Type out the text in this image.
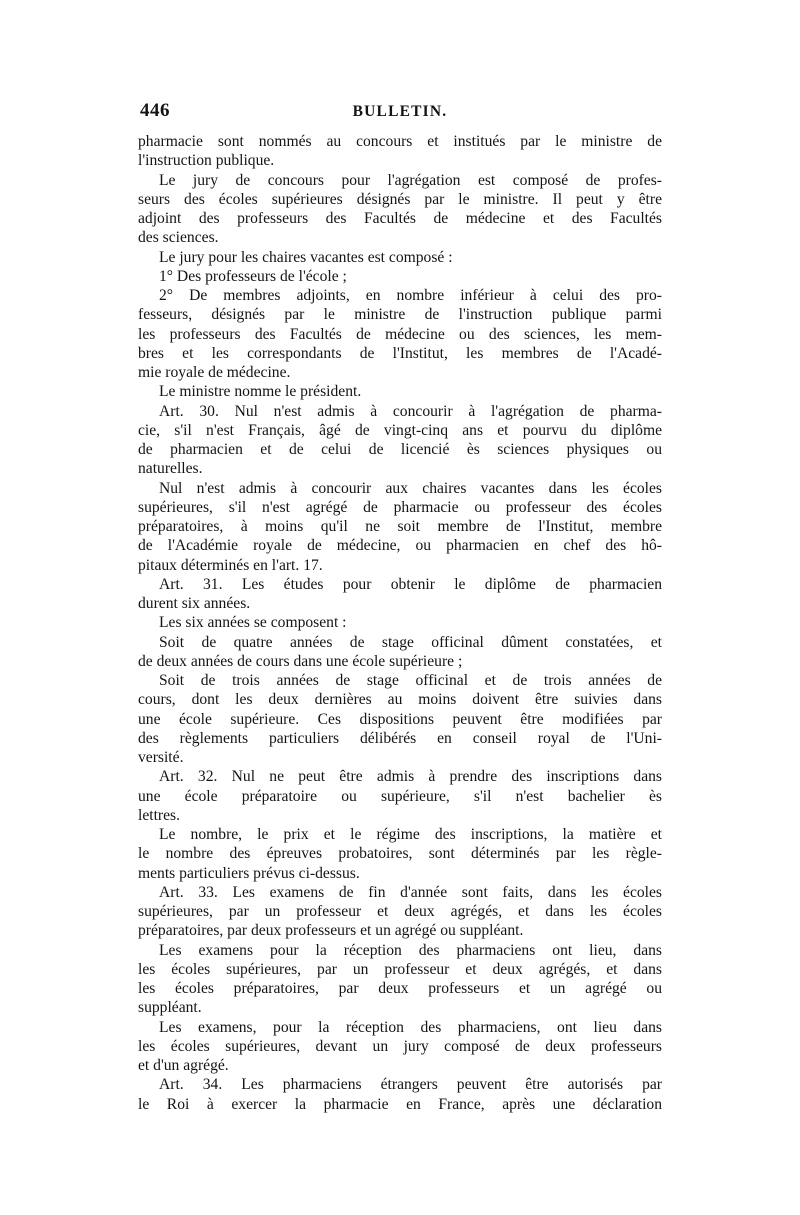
446	BULLETIN.
pharmacie sont nommés au concours et institués par le ministre de
l'instruction publique.
Le jury de concours pour l'agrégation est composé de profes-
seurs des écoles supérieures désignés par le ministre. Il peut y être
adjoint des professeurs des Facultés de médecine et des Facultés
des sciences.
Le jury pour les chaires vacantes est composé :
1° Des professeurs de l'école ;
2° De membres adjoints, en nombre inférieur à celui des pro-
fesseurs, désignés par le ministre de l'instruction publique parmi
les professeurs des Facultés de médecine ou des sciences, les mem-
bres et les correspondants de l'Institut, les membres de l'Acadé-
mie royale de médecine.
Le ministre nomme le président.
Art. 30. Nul n'est admis à concourir à l'agrégation de pharma-
cie, s'il n'est Français, âgé de vingt-cinq ans et pourvu du diplôme
de pharmacien et de celui de licencié ès sciences physiques ou
naturelles.
Nul n'est admis à concourir aux chaires vacantes dans les écoles
supérieures, s'il n'est agrégé de pharmacie ou professeur des écoles
préparatoires, à moins qu'il ne soit membre de l'Institut, membre
de l'Académie royale de médecine, ou pharmacien en chef des hô-
pitaux déterminés en l'art. 17.
Art. 31. Les études pour obtenir le diplôme de pharmacien
durent six années.
Les six années se composent :
Soit de quatre années de stage officinal dûment constatées, et
de deux années de cours dans une école supérieure ;
Soit de trois années de stage officinal et de trois années de
cours, dont les deux dernières au moins doivent être suivies dans
une école supérieure. Ces dispositions peuvent être modifiées par
des règlements particuliers délibérés en conseil royal de l'Uni-
versité.
Art. 32. Nul ne peut être admis à prendre des inscriptions dans
une école préparatoire ou supérieure, s'il n'est bachelier ès
lettres.
Le nombre, le prix et le régime des inscriptions, la matière et
le nombre des épreuves probatoires, sont déterminés par les règle-
ments particuliers prévus ci-dessus.
Art. 33. Les examens de fin d'année sont faits, dans les écoles
supérieures, par un professeur et deux agrégés, et dans les écoles
préparatoires, par deux professeurs et un agrégé ou suppléant.
Les examens pour la réception des pharmaciens ont lieu, dans
les écoles supérieures, par un professeur et deux agrégés, et dans
les écoles préparatoires, par deux professeurs et un agrégé ou
suppléant.
Les examens, pour la réception des pharmaciens, ont lieu dans
les écoles supérieures, devant un jury composé de deux professeurs
et d'un agrégé.
Art. 34. Les pharmaciens étrangers peuvent être autorisés par
le Roi à exercer la pharmacie en France, après une déclaration
